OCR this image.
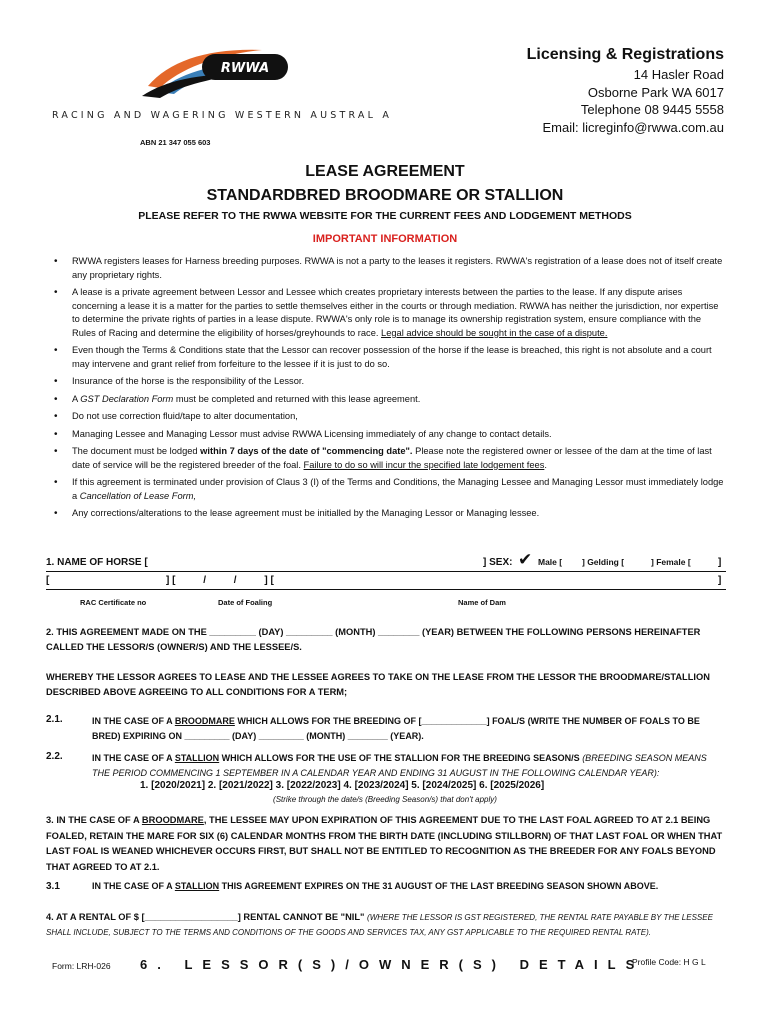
RWWA
RACING AND WAGERING WESTERN AUSTRAL A
ABN 21 347 055 603
Licensing & Registrations
14 Hasler Road
Osborne Park WA 6017
Telephone 08 9445 5558
Email: licreginfo@rwwa.com.au
LEASE AGREEMENT
STANDARDBRED BROODMARE OR STALLION
PLEASE REFER TO THE RWWA WEBSITE FOR THE CURRENT FEES AND LODGEMENT METHODS
IMPORTANT INFORMATION
• RWWA registers leases for Harness breeding purposes. RWWA is not a party to the leases it registers. RWWA's registration of a lease does not of itself create any proprietary rights.
• A lease is a private agreement between Lessor and Lessee which creates proprietary interests between the parties to the lease. If any dispute arises concerning a lease it is a matter for the parties to settle themselves either in the courts or through mediation. RWWA has neither the jurisdiction, nor expertise to determine the private rights of parties in a lease dispute. RWWA's only role is to manage its ownership registration system, ensure compliance with the Rules of Racing and determine the eligibility of horses/greyhounds to race. Legal advice should be sought in the case of a dispute.
• Even though the Terms & Conditions state that the Lessor can recover possession of the horse if the lease is breached, this right is not absolute and a court may intervene and grant relief from forfeiture to the lessee if it is just to do so.
• Insurance of the horse is the responsibility of the Lessor.
• A GST Declaration Form must be completed and returned with this lease agreement.
• Do not use correction fluid/tape to alter documentation,
• Managing Lessee and Managing Lessor must advise RWWA Licensing immediately of any change to contact details.
• The document must be lodged within 7 days of the date of "commencing date". Please note the registered owner or lessee of the dam at the time of last date of service will be the registered breeder of the foal. Failure to do so will incur the specified late lodgement fees.
• If this agreement is terminated under provision of Claus 3 (I) of the Terms and Conditions, the Managing Lessee and Managing Lessor must immediately lodge a Cancellation of Lease Form,
• Any corrections/alterations to the lease agreement must be initialled by the Managing Lessor or Managing lessee.
1. NAME OF HORSE [	] SEX: ✔ Male [ ] Gelding [	] Female [	]
[                                          ] [          /          /          ] [	]
RAC Certificate no	Date of Foaling	Name of Dam
2. THIS AGREEMENT MADE ON THE _________ (DAY) _________ (MONTH) ________ (YEAR) BETWEEN THE FOLLOWING PERSONS HEREINAFTER CALLED THE LESSOR/S (OWNER/S) AND THE LESSEE/S.
WHEREBY THE LESSOR AGREES TO LEASE AND THE LESSEE AGREES TO TAKE ON THE LEASE FROM THE LESSOR THE BROODMARE/STALLION DESCRIBED ABOVE AGREEING TO ALL CONDITIONS FOR A TERM;
2.1.	IN THE CASE OF A BROODMARE WHICH ALLOWS FOR THE BREEDING OF [_____________] FOAL/S (WRITE THE NUMBER OF FOALS TO BE BRED) EXPIRING ON _________ (DAY) _________ (MONTH) ________ (YEAR).
2.2.	IN THE CASE OF A STALLION WHICH ALLOWS FOR THE USE OF THE STALLION FOR THE BREEDING SEASON/S (BREEDING SEASON MEANS THE PERIOD COMMENCING 1 SEPTEMBER IN A CALENDAR YEAR AND ENDING 31 AUGUST IN THE FOLLOWING CALENDAR YEAR):
1. [2020/2021] 2. [2021/2022] 3. [2022/2023] 4. [2023/2024] 5. [2024/2025] 6. [2025/2026]
(Strike through the date/s (Breeding Season/s) that don't apply)
3. IN THE CASE OF A BROODMARE, THE LESSEE MAY UPON EXPIRATION OF THIS AGREEMENT DUE TO THE LAST FOAL AGREED TO AT 2.1 BEING FOALED, RETAIN THE MARE FOR SIX (6) CALENDAR MONTHS FROM THE BIRTH DATE (INCLUDING STILLBORN) OF THAT LAST FOAL OR WHEN THAT LAST FOAL IS WEANED WHICHEVER OCCURS FIRST, BUT SHALL NOT BE ENTITLED TO RECOGNITION AS THE BREEDER FOR ANY FOALS BEYOND THAT AGREED TO AT 2.1.
3.1	IN THE CASE OF A STALLION THIS AGREEMENT EXPIRES ON THE 31 AUGUST OF THE LAST BREEDING SEASON SHOWN ABOVE.
4. AT A RENTAL OF $ [__________________] RENTAL CANNOT BE "NIL" (WHERE THE LESSOR IS GST REGISTERED, THE RENTAL RATE PAYABLE BY THE LESSEE SHALL INCLUDE, SUBJECT TO THE TERMS AND CONDITIONS OF THE GOODS AND SERVICES TAX, ANY GST APPLICABLE TO THE REQUIRED RENTAL RATE).
Form: LRH-026 6. LESSOR(S)/OWNER(S) DETAILS
Profile Code: H G L
